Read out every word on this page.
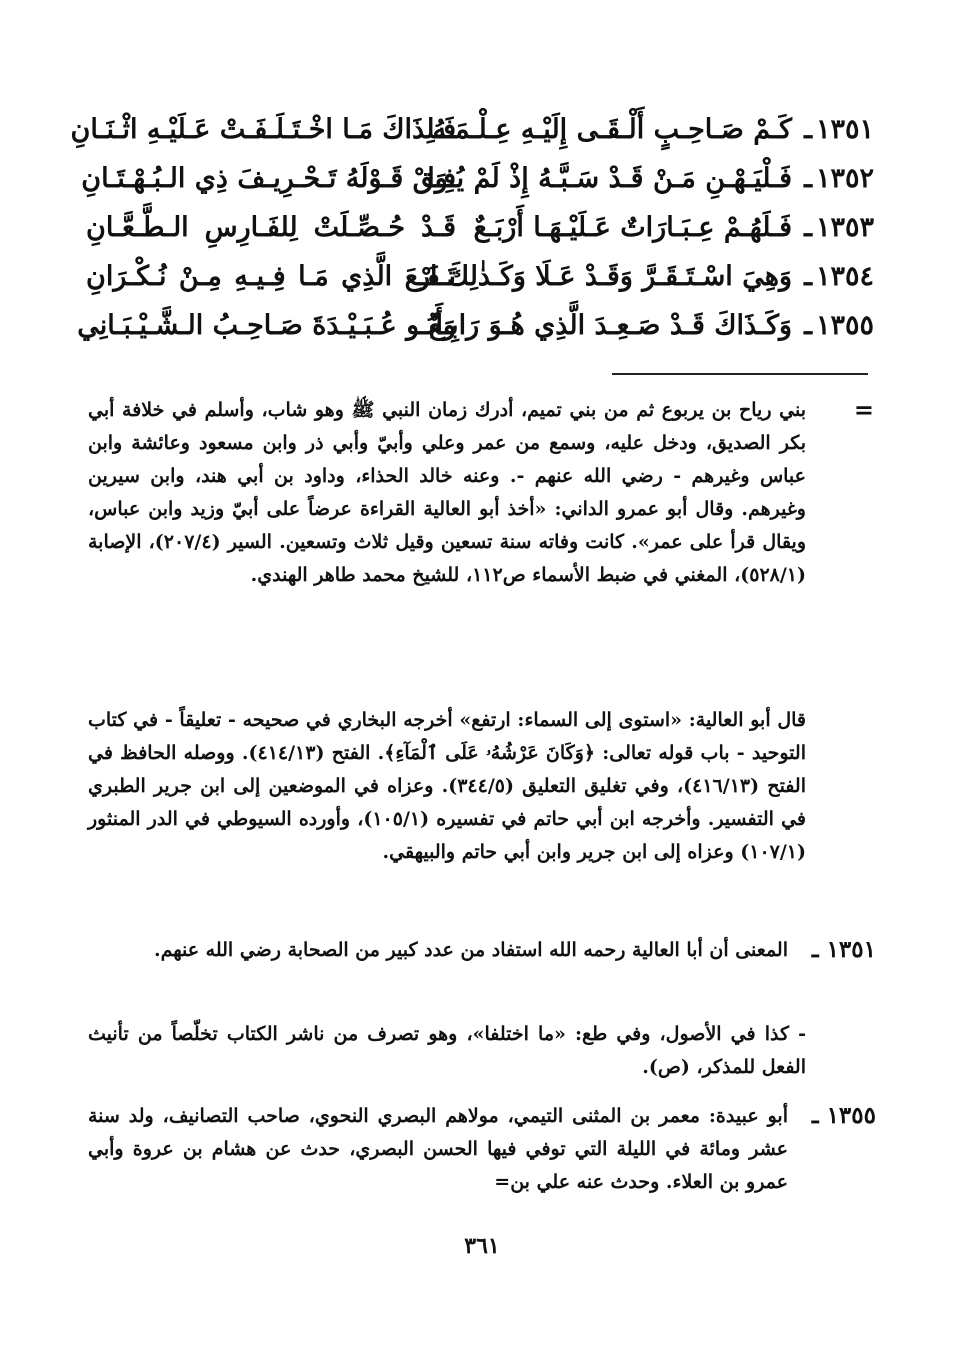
١٣٥١
ـ
كَـمْ صَـاحِـبٍ أَلْـقَـى إِلَيْـهِ عِـلْـمَـهُ
فَـلِذَاكَ مَـا اخْـتَـلَـفَـتْ عَـلَيْـهِ اثْـنَـانِ
١٣٥٢
ـ
فَـلْيَـهْـنِ مَـنْ قَـدْ سَـبَّـهُ إِذْ لَمْ يُـوَا
فِـقْ قَـوْلَهُ تَـحْـرِيـفَ ذِي الـبُـهْـتَـانِ
١٣٥٣
ـ
فَـلَهُـمْ عِـبَـارَاتٌ عَـلَيْـهَـا أَرْبَـعٌ
قَـدْ حُـصِّـلَتْ لِلفَـارِسِ الـطَّـعَّـانِ
١٣٥٤
ـ
وَهِيَ اسْـتَـقَـرَّ وَقَـدْ عَـلَا وَكَـذٰلِكَ ارْ
تَـفَـعَ الَّذِي مَـا فِـيـهِ مِـنْ نُـكْـرَانِ
١٣٥٥
ـ
وَكَـذَاكَ قَـدْ صَـعِـدَ الَّذِي هُـوَ رَابِـعٌ
وَأَبُـو عُـبَـيْـدَةَ صَـاحِـبُ الـشَّـيْـبَـانِي
=
بني رياح بن يربوع ثم من بني تميم، أدرك زمان النبي ﷺ وهو شاب، وأسلم في خلافة أبي بكر الصديق، ودخل عليه، وسمع من عمر وعلي وأبيّ وأبي ذر وابن مسعود وعائشة وابن عباس وغيرهم - رضي الله عنهم -. وعنه خالد الحذاء، وداود بن أبي هند، وابن سيرين وغيرهم. وقال أبو عمرو الداني: «أخذ أبو العالية القراءة عرضاً على أبيّ وزيد وابن عباس، ويقال قرأ على عمر». كانت وفاته سنة تسعين وقيل ثلاث وتسعين. السير (٢٠٧/٤)، الإصابة (٥٢٨/١)، المغني في ضبط الأسماء ص١١٢، للشيخ محمد طاهر الهندي.
قال أبو العالية: «استوى إلى السماء: ارتفع» أخرجه البخاري في صحيحه - تعليقاً - في كتاب التوحيد - باب قوله تعالى: ﴿وَكَانَ عَرْشُهُۥ عَلَى ٱلْمَآءِ﴾. الفتح (٤١٤/١٣). ووصله الحافظ في الفتح (٤١٦/١٣)، وفي تغليق التعليق (٣٤٤/٥). وعزاه في الموضعين إلى ابن جرير الطبري في التفسير. وأخرجه ابن أبي حاتم في تفسيره (١٠٥/١)، وأورده السيوطي في الدر المنثور (١٠٧/١) وعزاه إلى ابن جرير وابن أبي حاتم والبيهقي.
١٣٥١ ـ
المعنى أن أبا العالية رحمه الله استفاد من عدد كبير من الصحابة رضي الله عنهم.
- كذا في الأصول، وفي طع: «ما اختلفا»، وهو تصرف من ناشر الكتاب تخلّصاً من تأنيث الفعل للمذكر، (ص).
١٣٥٥ ـ
أبو عبيدة: معمر بن المثنى التيمي، مولاهم البصري النحوي، صاحب التصانيف، ولد سنة عشر ومائة في الليلة التي توفي فيها الحسن البصري، حدث عن هشام بن عروة وأبي عمرو بن العلاء. وحدث عنه علي بن=
٣٦١
